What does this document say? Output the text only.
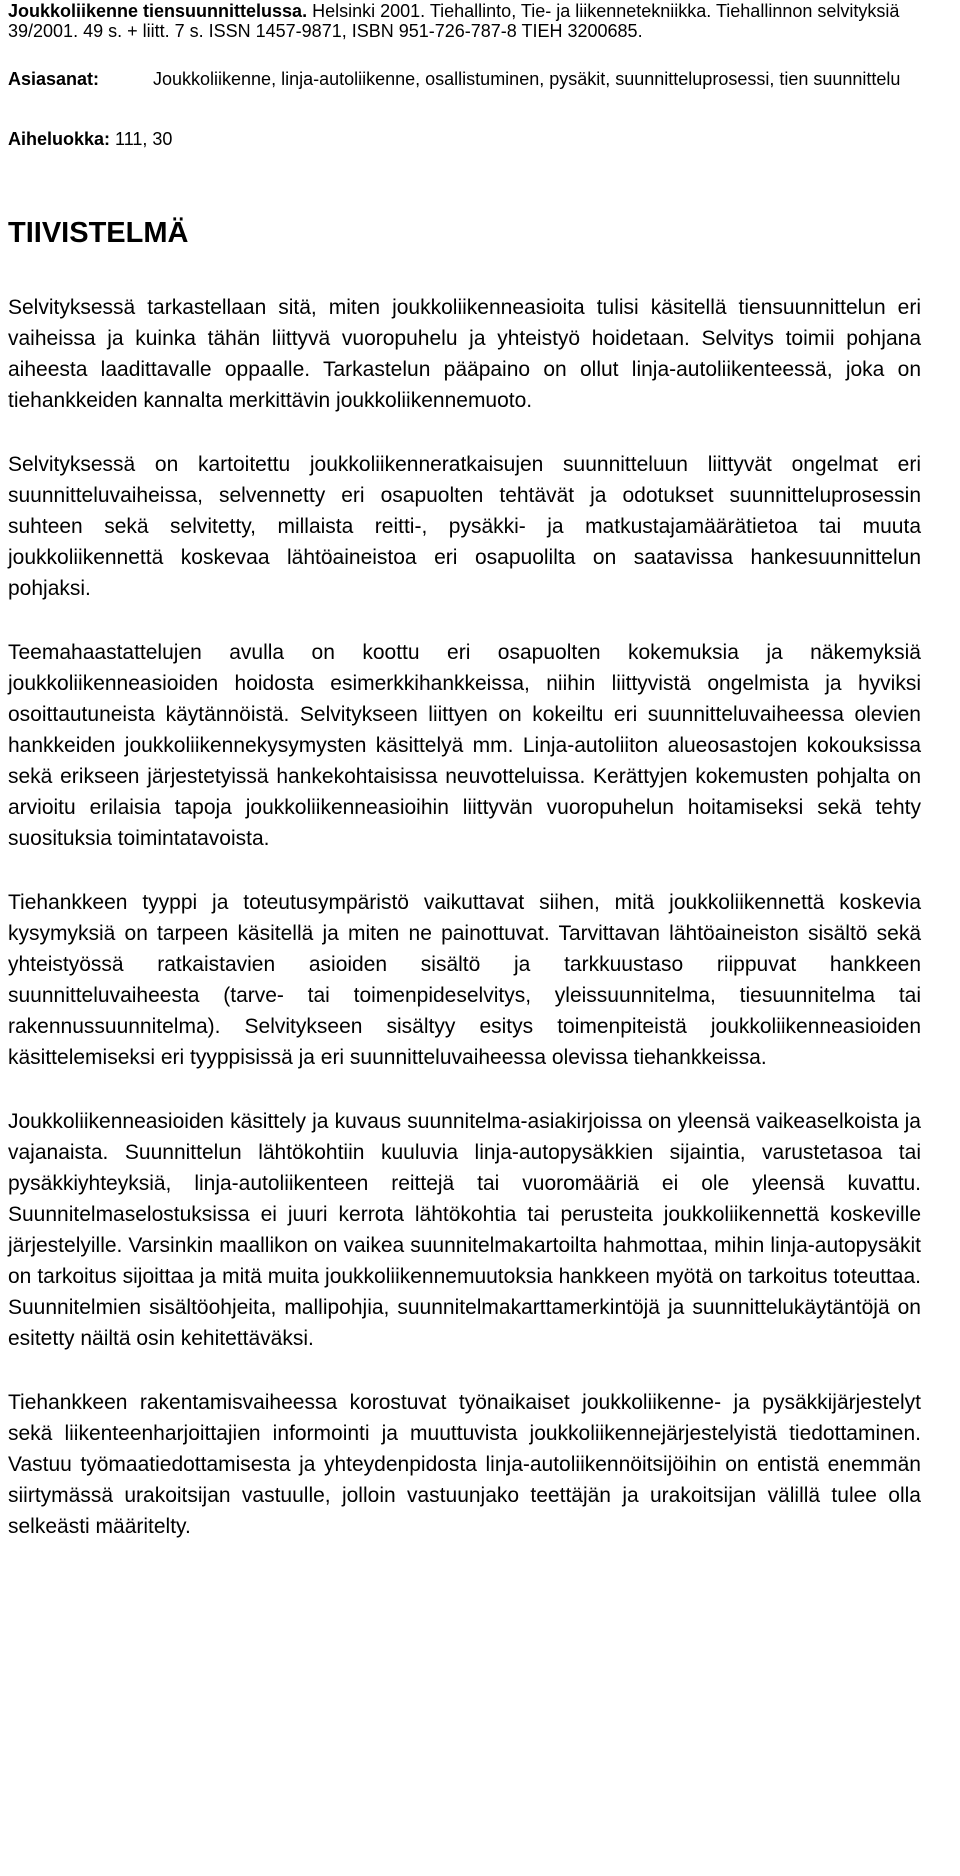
Joukkoliikenne tiensuunnittelussa. Helsinki 2001. Tiehallinto, Tie- ja liikennetekniikka. Tiehallinnon selvityksiä 39/2001. 49 s. + liitt. 7 s. ISSN 1457-9871, ISBN 951-726-787-8 TIEH 3200685.

Asiasanat:	Joukkoliikenne, linja-autoliikenne, osallistuminen, pysäkit, suunnitteluprosessi, tien suunnittelu
Aiheluokka: 111, 30
TIIVISTELMÄ

Selvityksessä tarkastellaan sitä, miten joukkoliikenneasioita tulisi käsitellä tiensuunnittelun eri vaiheissa ja kuinka tähän liittyvä vuoropuhelu ja yhteistyö hoidetaan. Selvitys toimii pohjana aiheesta laadittavalle oppaalle. Tarkastelun pääpaino on ollut linja-autoliikenteessä, joka on tiehankkeiden kannalta merkittävin joukkoliikennemuoto.

Selvityksessä on kartoitettu joukkoliikenneratkaisujen suunnitteluun liittyvät ongelmat eri suunnitteluvaiheissa, selvennetty eri osapuolten tehtävät ja odotukset suunnitteluprosessin suhteen sekä selvitetty, millaista reitti-, pysäkki- ja matkustajamäärätietoa tai muuta joukkoliikennettä koskevaa lähtöaineistoa eri osapuolilta on saatavissa hankesuunnittelun pohjaksi.

Teemahaastattelujen avulla on koottu eri osapuolten kokemuksia ja näkemyksiä joukkoliikenneasioiden hoidosta esimerkkihankkeissa, niihin liittyvistä ongelmista ja hyviksi osoittautuneista käytännöistä. Selvitykseen liittyen on kokeiltu eri suunnitteluvaiheessa olevien hankkeiden joukkoliikennekysymysten käsittelyä mm. Linja-autoliiton alueosastojen kokouksissa sekä erikseen järjestetyissä hankekohtaisissa neuvotteluissa. Kerättyjen kokemusten pohjalta on arvioitu erilaisia tapoja joukkoliikenneasioihin liittyvän vuoropuhelun hoitamiseksi sekä tehty suosituksia toimintatavoista.

Tiehankkeen tyyppi ja toteutusympäristö vaikuttavat siihen, mitä joukkoliikennettä koskevia kysymyksiä on tarpeen käsitellä ja miten ne painottuvat. Tarvittavan lähtöaineiston sisältö sekä yhteistyössä ratkaistavien asioiden sisältö ja tarkkuustaso riippuvat hankkeen suunnitteluvaiheesta (tarve- tai toimenpideselvitys, yleissuunnitelma, tiesuunnitelma tai rakennussuunnitelma). Selvitykseen sisältyy esitys toimenpiteistä joukkoliikenneasioiden käsittelemiseksi eri tyyppisissä ja eri suunnitteluvaiheessa olevissa tiehankkeissa.

Joukkoliikenneasioiden käsittely ja kuvaus suunnitelma-asiakirjoissa on yleensä vaikeaselkoista ja vajanaista. Suunnittelun lähtökohtiin kuuluvia linja-autopysäkkien sijaintia, varustetasoa tai pysäkkiyhteyksiä, linja-autoliikenteen reittejä tai vuoromääriä ei ole yleensä kuvattu. Suunnitelmaselostuksissa ei juuri kerrota lähtökohtia tai perusteita joukkoliikennettä koskeville järjestelyille. Varsinkin maallikon on vaikea suunnitelmakartoilta hahmottaa, mihin linja-autopysäkit on tarkoitus sijoittaa ja mitä muita joukkoliikennemuutoksia hankkeen myötä on tarkoitus toteuttaa. Suunnitelmien sisältöohjeita, mallipohjia, suunnitelmakarttamerkintöjä ja suunnittelukäytäntöjä on esitetty näiltä osin kehitettäväksi.

Tiehankkeen rakentamisvaiheessa korostuvat työnaikaiset joukkoliikenne- ja pysäkkijärjestelyt sekä liikenteenharjoittajien informointi ja muuttuvista joukkoliikennejärjestelyistä tiedottaminen. Vastuu työmaatiedottamisesta ja yhteydenpidosta linja-autoliikennöitsijöihin on entistä enemmän siirtymässä urakoitsijan vastuulle, jolloin vastuunjako teettäjän ja urakoitsijan välillä tulee olla selkeästi määritelty.
